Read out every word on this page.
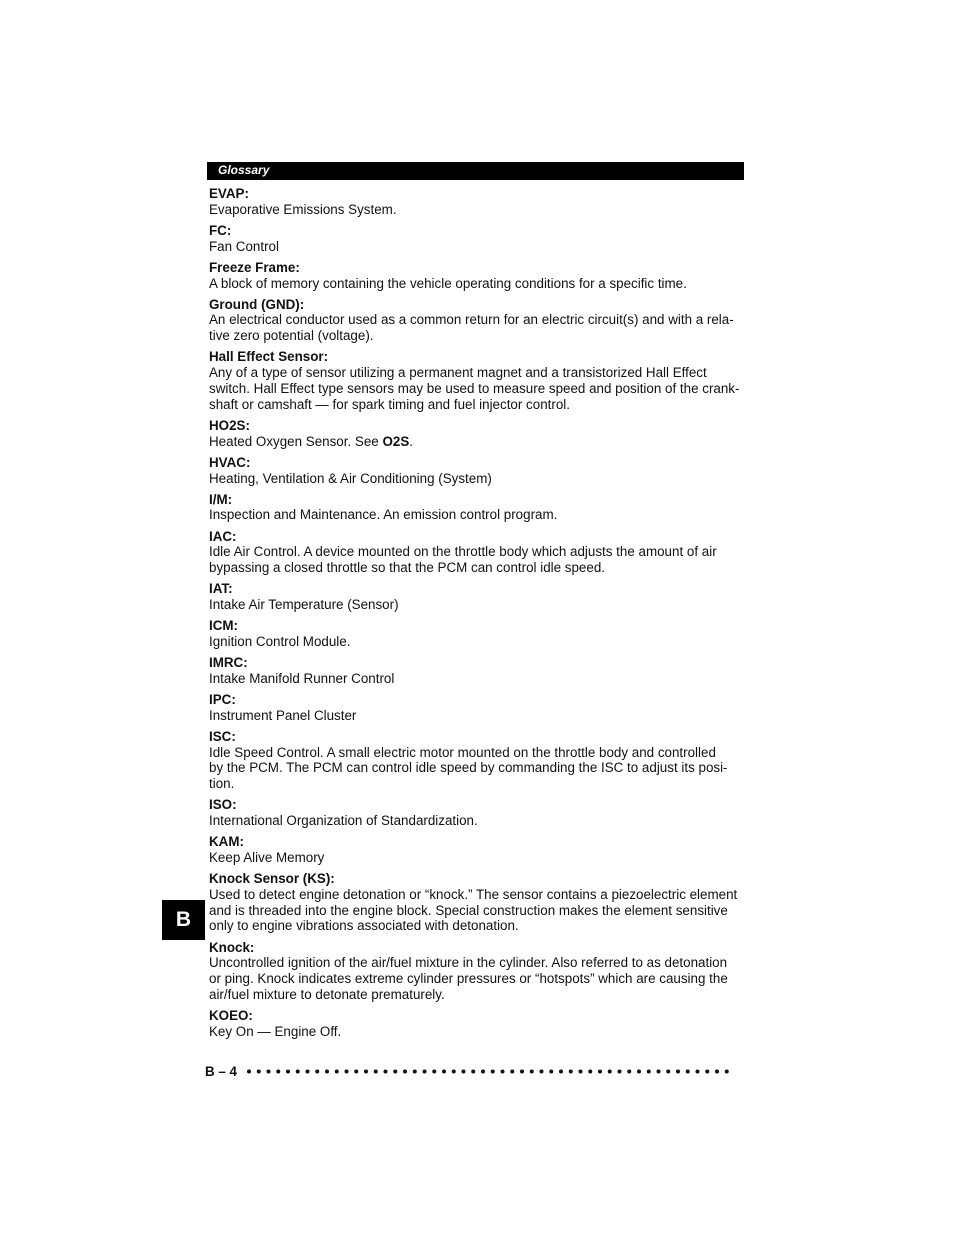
Glossary

EVAP:

Evaporative Emissions System.

FC:

Fan Control

Freeze Frame:

A block of memory containing the vehicle operating conditions for a specific time.

Ground (GND):

An electrical conductor used as a common return for an electric circuit(s) and with a rela-

tive zero potential (voltage).

Hall Effect Sensor:

Any of a type of sensor utilizing a permanent magnet and a transistorized Hall Effect

switch. Hall Effect type sensors may be used to measure speed and position of the crank-

shaft or camshaft — for spark timing and fuel injector control.

HO2S:

Heated Oxygen Sensor. See O2S.

HVAC:

Heating, Ventilation & Air Conditioning (System)

I/M:

Inspection and Maintenance. An emission control program.

IAC:

Idle Air Control. A device mounted on the throttle body which adjusts the amount of air

bypassing a closed throttle so that the PCM can control idle speed.

IAT:

Intake Air Temperature (Sensor)

ICM:

Ignition Control Module.

IMRC:

Intake Manifold Runner Control

IPC:

Instrument Panel Cluster

ISC:

Idle Speed Control. A small electric motor mounted on the throttle body and controlled

by the PCM. The PCM can control idle speed by commanding the ISC to adjust its posi-

tion.

ISO:

International Organization of Standardization.

KAM:

Keep Alive Memory

Knock Sensor (KS):

Used to detect engine detonation or “knock.” The sensor contains a piezoelectric element

and is threaded into the engine block. Special construction makes the element sensitive

only to engine vibrations associated with detonation.

Knock:

Uncontrolled ignition of the air/fuel mixture in the cylinder. Also referred to as detonation

or ping. Knock indicates extreme cylinder pressures or “hotspots” which are causing the

air/fuel mixture to detonate prematurely.

KOEO:

Key On — Engine Off.

B
B – 4
